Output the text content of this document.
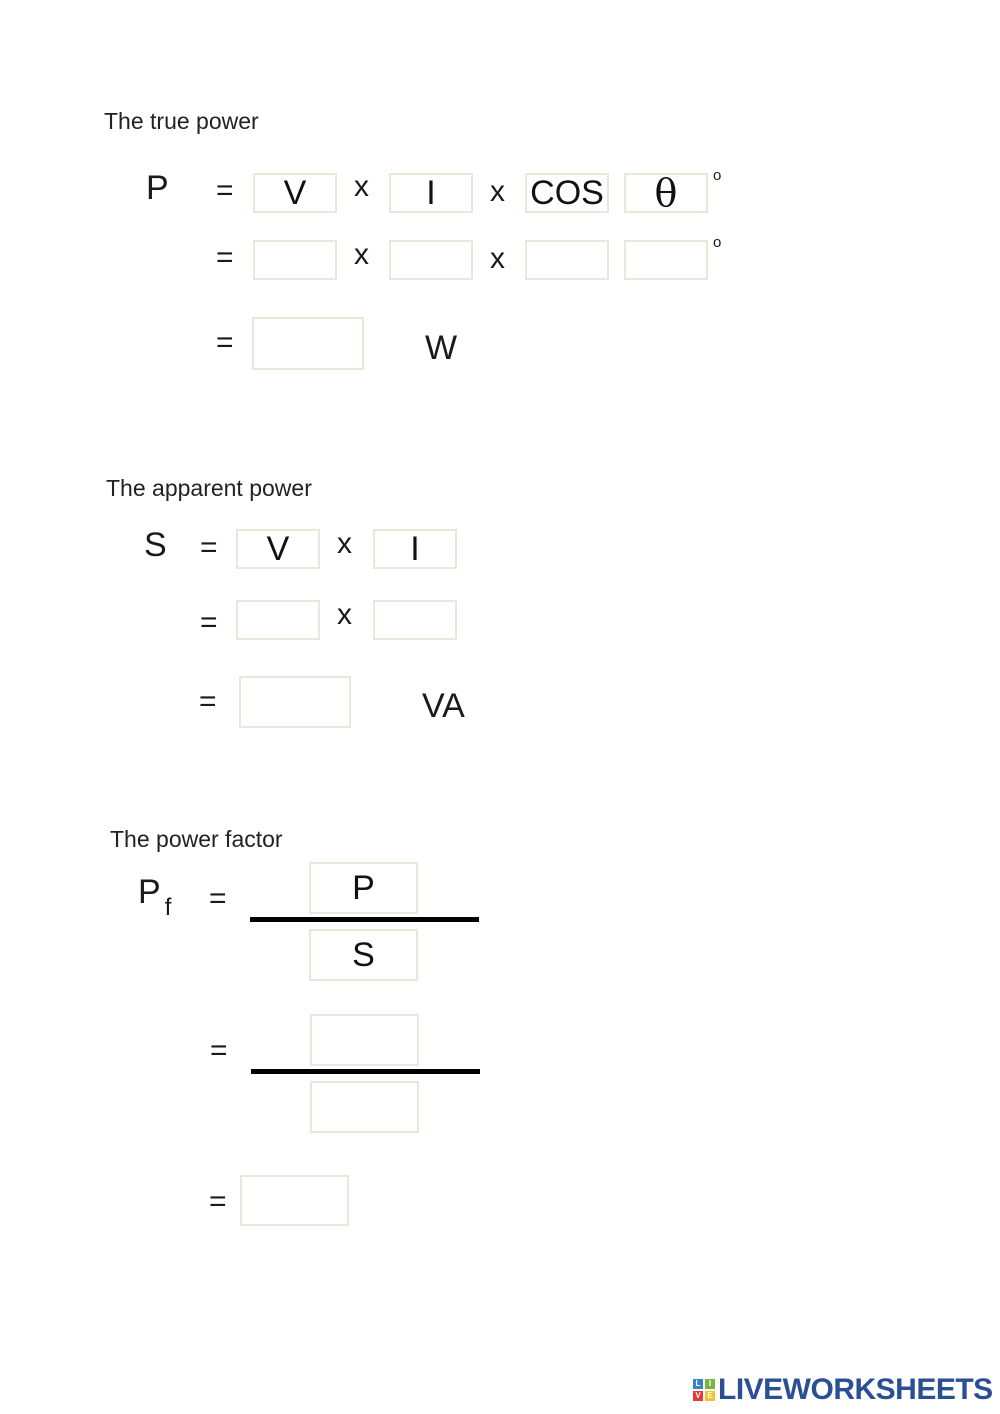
The true power
P =	V	x	I	x COS	θ	o
=	x	x	o
=	W
The apparent power
S =	V	x	I
=	x
=	VA
The power factor
P $_f$ =	P
S
=
=
L	I
V E LIVEWORKSHEETS
